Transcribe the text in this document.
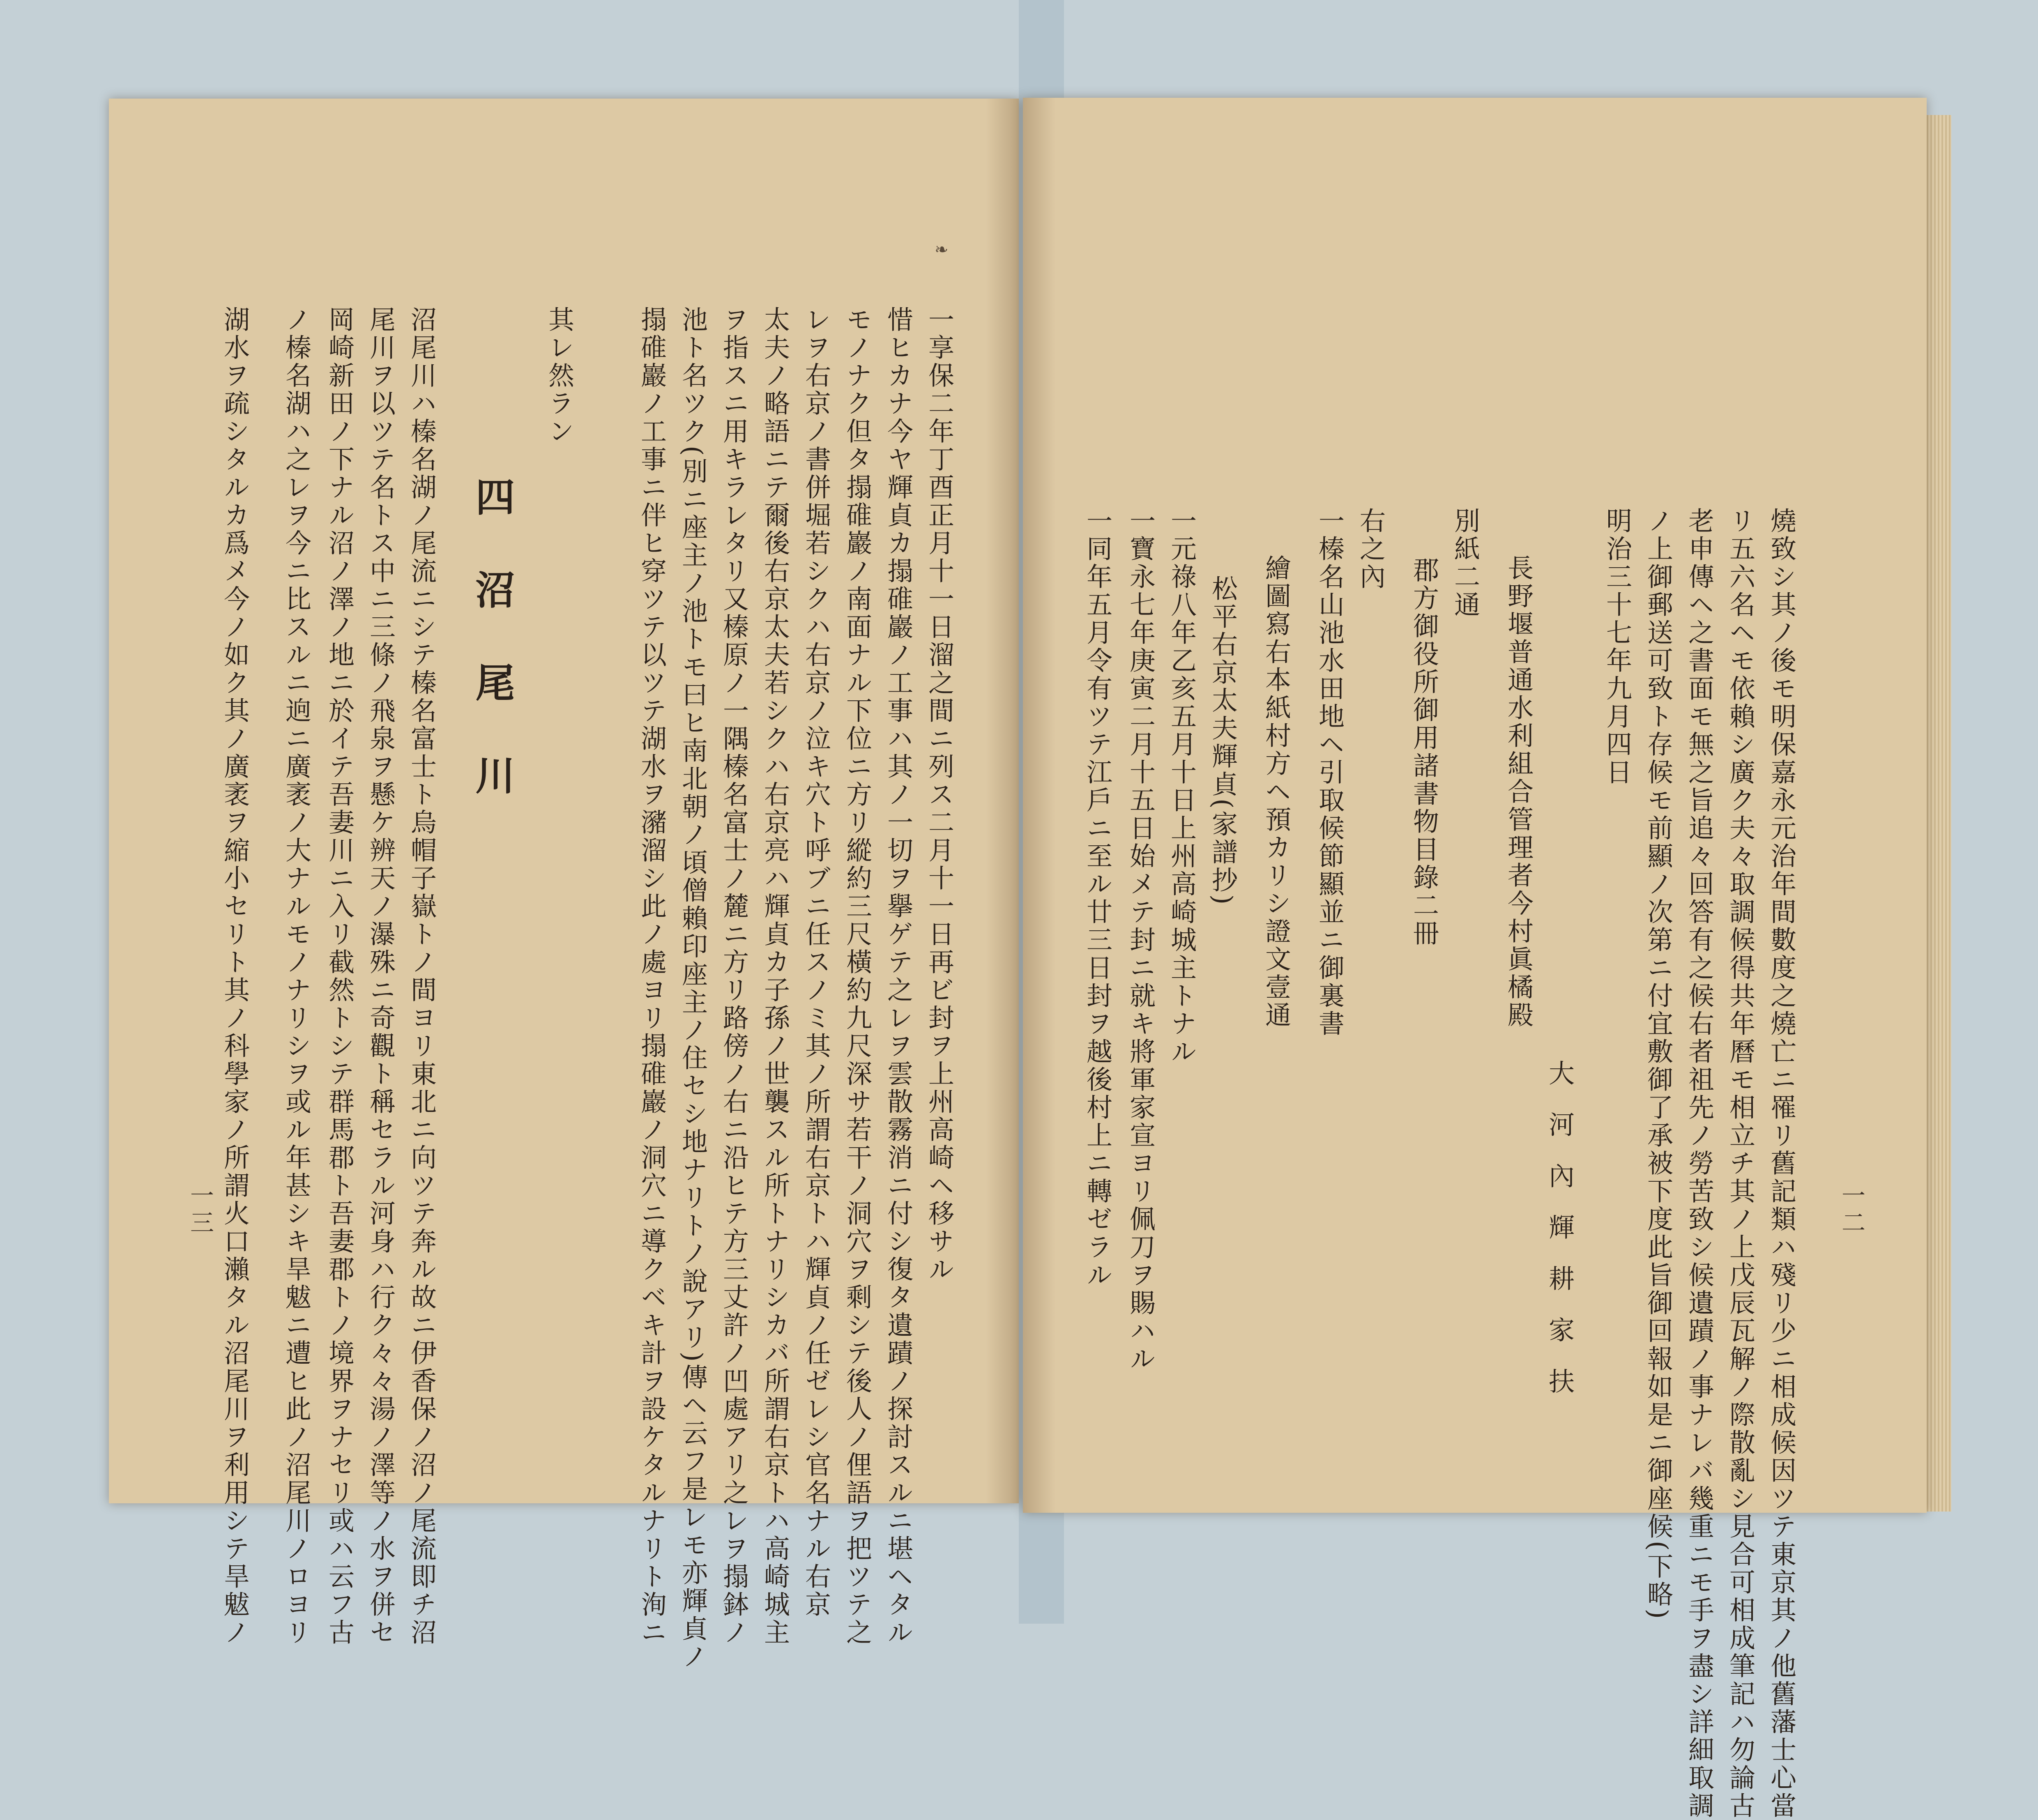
一二
燒致シ其ノ後モ明保嘉永元治年間數度之燒亡ニ罹リ舊記類ハ殘リ少ニ相成候因ツテ東京其ノ他舊藩士心當
リ五六名ヘモ依賴シ廣ク夫々取調候得共年曆モ相立チ其ノ上戊辰瓦解ノ際散亂シ見合可相成筆記ハ勿論古
老申傳ヘ之書面モ無之旨追々回答有之候右者祖先ノ勞苦致シ候遺蹟ノ事ナレバ幾重ニモ手ヲ盡シ詳細取調
ノ上御郵送可致ト存候モ前顯ノ次第ニ付宜敷御了承被下度此旨御回報如是ニ御座候(下略)
明治三十七年九月四日
大河內輝耕家扶
長野堰普通水利組合管理者今村眞橘殿
別紙二通
郡方御役所御用諸書物目錄二冊
右之內
一榛名山池水田地ヘ引取候節顯並ニ御裏書
繪圖寫右本紙村方ヘ預カリシ證文壹通
松平右京太夫輝貞(家譜抄)
一元祿八年乙亥五月十日上州高崎城主トナル
一寶永七年庚寅二月十五日始メテ封ニ就キ將軍家宣ヨリ佩刀ヲ賜ハル
一同年五月令有ツテ江戶ニ至ル廿三日封ヲ越後村上ニ轉ゼラル
❧
一享保二年丁酉正月十一日溜之間ニ列ス二月十一日再ビ封ヲ上州高崎ヘ移サル
惜ヒカナ今ヤ輝貞カ搨碓巖ノ工事ハ其ノ一切ヲ擧ゲテ之レヲ雲散霧消ニ付シ復タ遺蹟ノ探討スルニ堪ヘタル
モノナク但タ搨碓巖ノ南面ナル下位ニ方リ縱約三尺橫約九尺深サ若干ノ洞穴ヲ剩シテ後人ノ俚語ヲ把ツテ之
レヲ右京ノ書併堀若シクハ右京ノ泣キ穴ト呼ブニ任スノミ其ノ所謂右京トハ輝貞ノ任ゼレシ官名ナル右京
太夫ノ略語ニテ爾後右京太夫若シクハ右京亮ハ輝貞カ子孫ノ世襲スル所トナリシカバ所謂右京トハ高崎城主
ヲ指スニ用キラレタリ又榛原ノ一隅榛名富士ノ麓ニ方リ路傍ノ右ニ沿ヒテ方三丈許ノ凹處アリ之レヲ搨鉢ノ
池ト名ツク(別ニ座主ノ池トモ曰ヒ南北朝ノ頃僧賴印座主ノ住セシ地ナリトノ說アリ)傳ヘ云フ是レモ亦輝貞ノ
搨碓巖ノ工事ニ伴ヒ穿ツテ以ツテ湖水ヲ瀦溜シ此ノ處ヨリ搨碓巖ノ洞穴ニ導クベキ計ヲ設ケタルナリト洵ニ
其レ然ラン
四沼尾川
沼尾川ハ榛名湖ノ尾流ニシテ榛名富士ト烏帽子嶽トノ間ヨリ東北ニ向ツテ奔ル故ニ伊香保ノ沼ノ尾流即チ沼
尾川ヲ以ツテ名トス中ニ三條ノ飛泉ヲ懸ケ辨天ノ瀑殊ニ奇觀ト稱セラル河身ハ行ク々々湯ノ澤等ノ水ヲ併セ
岡崎新田ノ下ナル沼ノ澤ノ地ニ於イテ吾妻川ニ入リ截然トシテ群馬郡ト吾妻郡トノ境界ヲナセリ或ハ云フ古
ノ榛名湖ハ之レヲ今ニ比スルニ逈ニ廣袤ノ大ナルモノナリシヲ或ル年甚シキ旱魃ニ遭ヒ此ノ沼尾川ノロヨリ
湖水ヲ疏シタルカ爲メ今ノ如ク其ノ廣袤ヲ縮小セリト其ノ科學家ノ所謂火口瀨タル沼尾川ヲ利用シテ旱魃ノ
一三
